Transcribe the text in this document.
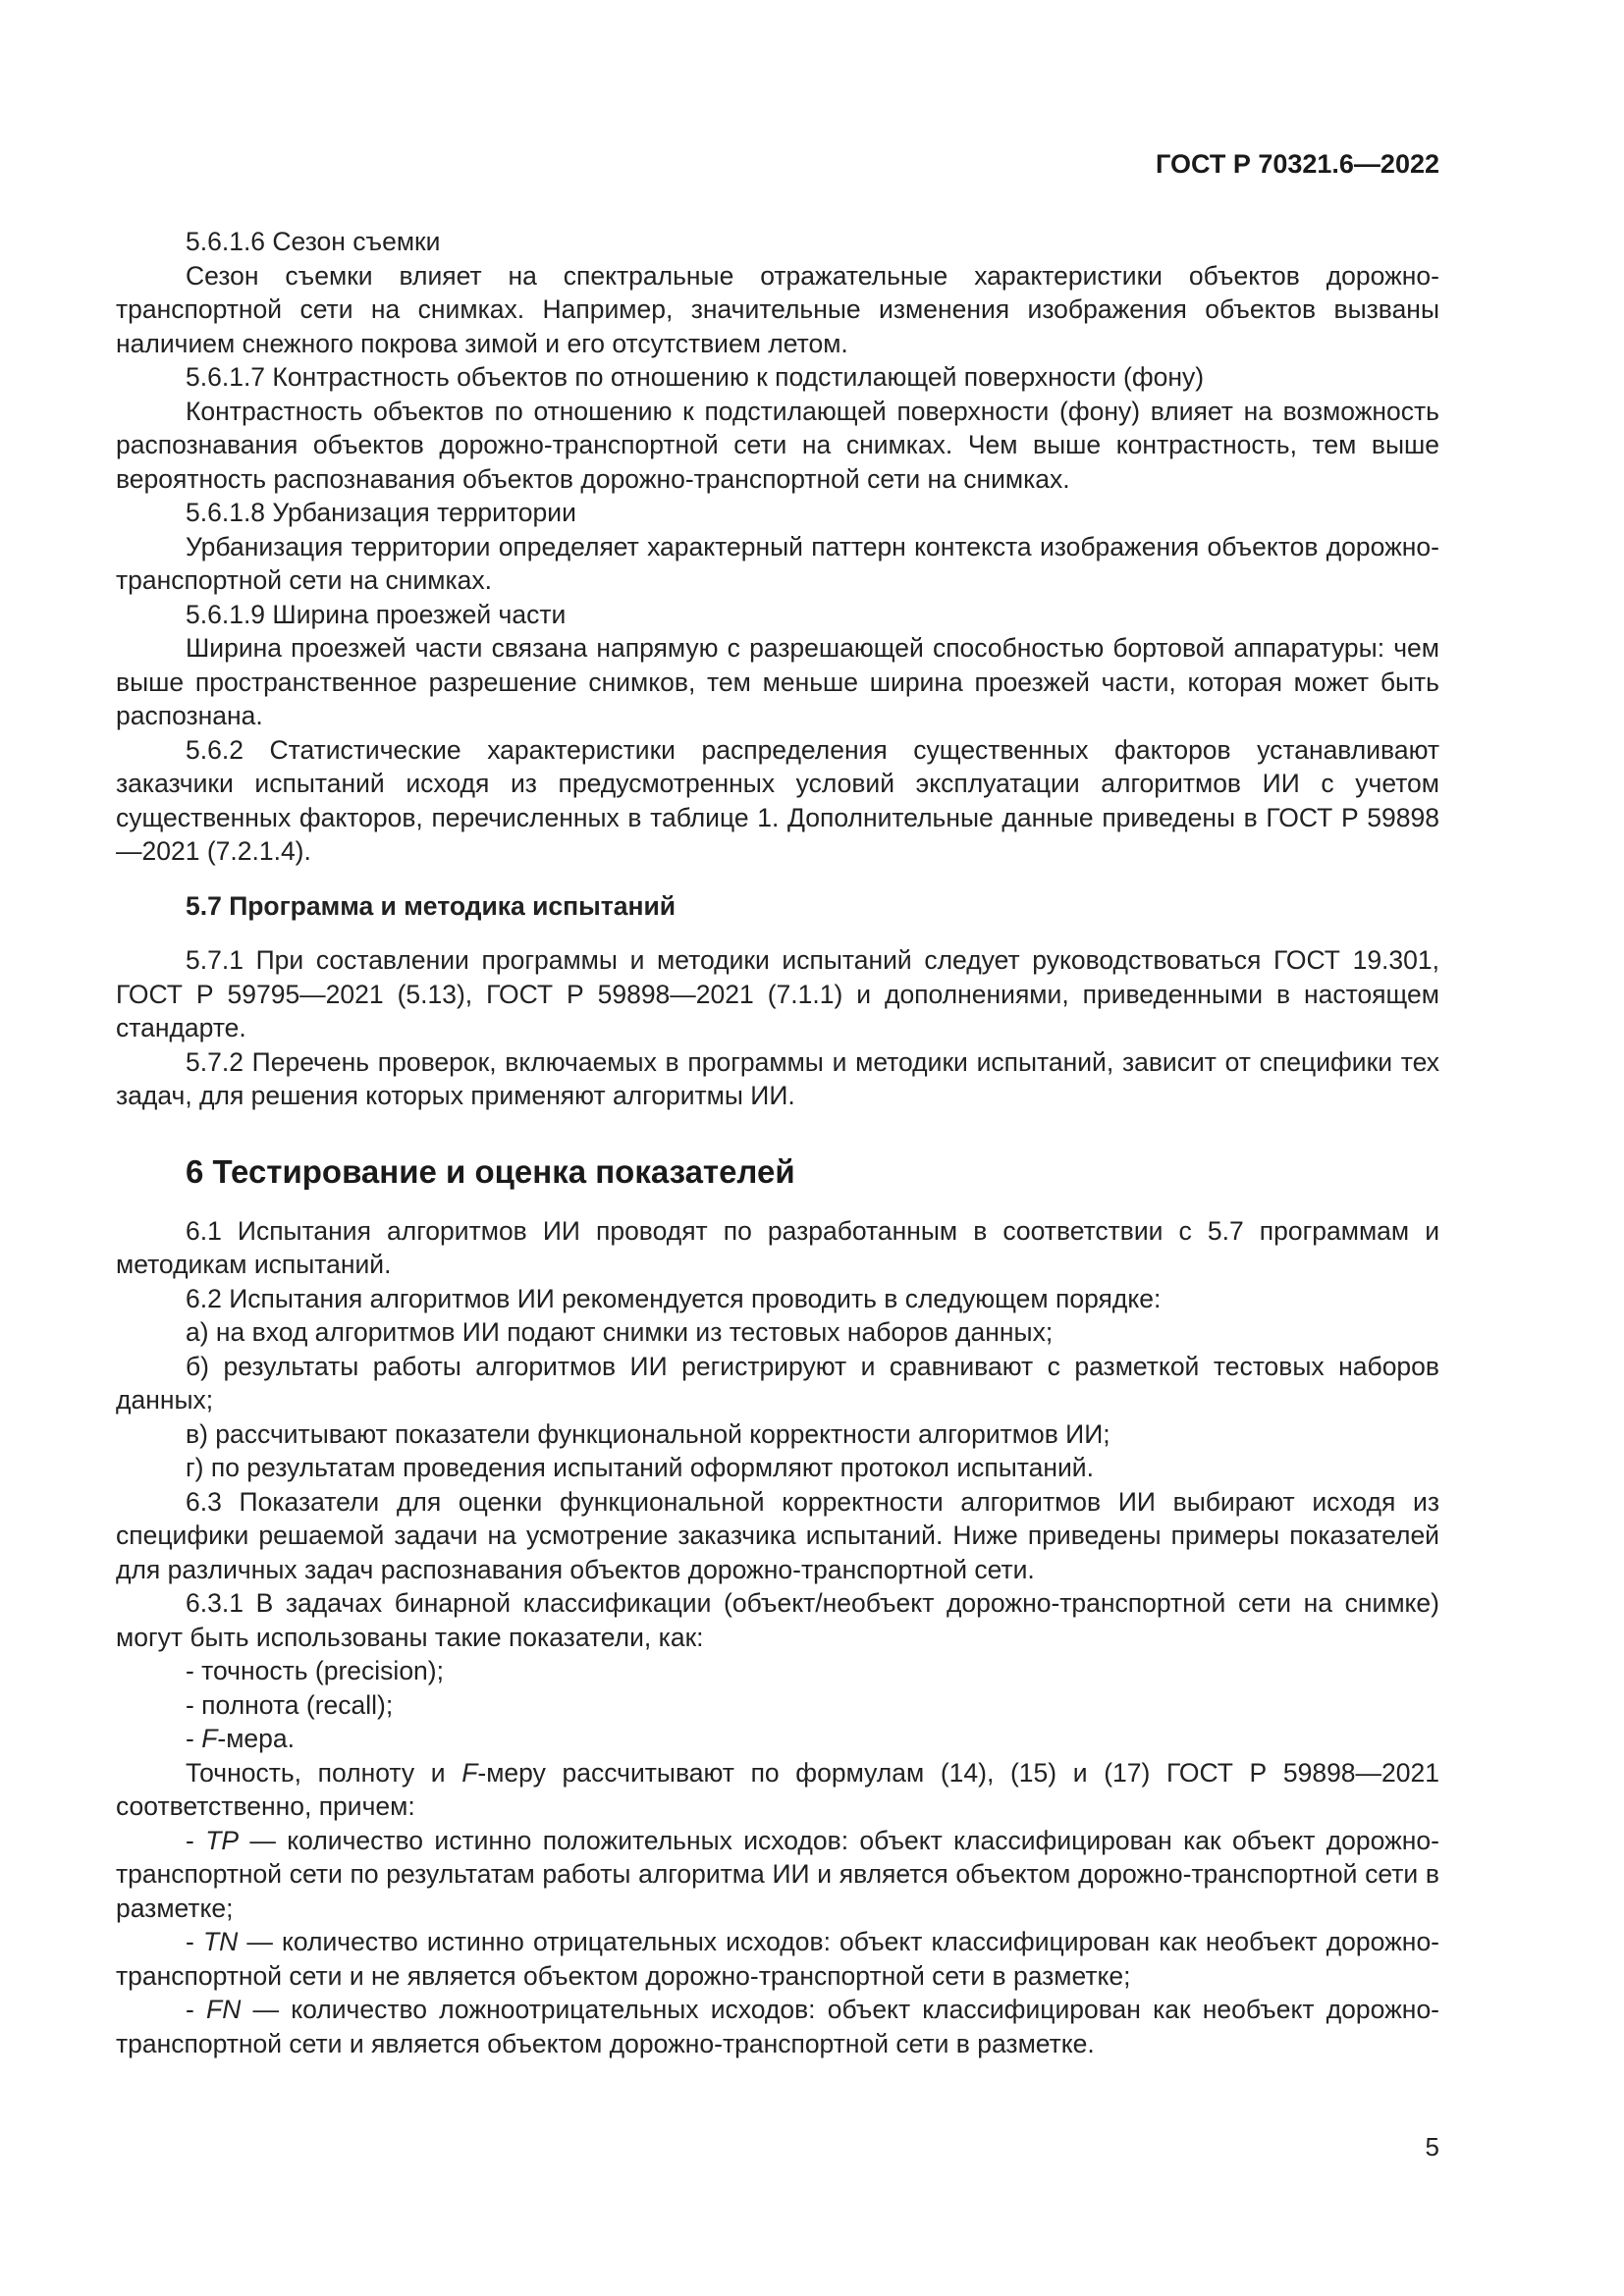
ГОСТ Р 70321.6—2022

5.6.1.6 Сезон съемки

Сезон съемки влияет на спектральные отражательные характеристики объектов дорожно-транспортной сети на снимках. Например, значительные изменения изображения объектов вызваны наличием снежного покрова зимой и его отсутствием летом.

5.6.1.7 Контрастность объектов по отношению к подстилающей поверхности (фону)

Контрастность объектов по отношению к подстилающей поверхности (фону) влияет на возможность распознавания объектов дорожно-транспортной сети на снимках. Чем выше контрастность, тем выше вероятность распознавания объектов дорожно-транспортной сети на снимках.

5.6.1.8 Урбанизация территории

Урбанизация территории определяет характерный паттерн контекста изображения объектов дорожно-транспортной сети на снимках.

5.6.1.9 Ширина проезжей части

Ширина проезжей части связана напрямую с разрешающей способностью бортовой аппаратуры: чем выше пространственное разрешение снимков, тем меньше ширина проезжей части, которая может быть распознана.

5.6.2 Статистические характеристики распределения существенных факторов устанавливают заказчики испытаний исходя из предусмотренных условий эксплуатации алгоритмов ИИ с учетом существенных факторов, перечисленных в таблице 1. Дополнительные данные приведены в ГОСТ Р 59898—2021 (7.2.1.4).

5.7 Программа и методика испытаний

5.7.1 При составлении программы и методики испытаний следует руководствоваться ГОСТ 19.301, ГОСТ Р 59795—2021 (5.13), ГОСТ Р 59898—2021 (7.1.1) и дополнениями, приведенными в настоящем стандарте.

5.7.2 Перечень проверок, включаемых в программы и методики испытаний, зависит от специфики тех задач, для решения которых применяют алгоритмы ИИ.

6 Тестирование и оценка показателей

6.1 Испытания алгоритмов ИИ проводят по разработанным в соответствии с 5.7 программам и методикам испытаний.

6.2 Испытания алгоритмов ИИ рекомендуется проводить в следующем порядке:

а) на вход алгоритмов ИИ подают снимки из тестовых наборов данных;

б) результаты работы алгоритмов ИИ регистрируют и сравнивают с разметкой тестовых наборов данных;

в) рассчитывают показатели функциональной корректности алгоритмов ИИ;

г) по результатам проведения испытаний оформляют протокол испытаний.

6.3 Показатели для оценки функциональной корректности алгоритмов ИИ выбирают исходя из специфики решаемой задачи на усмотрение заказчика испытаний. Ниже приведены примеры показателей для различных задач распознавания объектов дорожно-транспортной сети.

6.3.1 В задачах бинарной классификации (объект/необъект дорожно-транспортной сети на снимке) могут быть использованы такие показатели, как:

- точность (precision);

- полнота (recall);

- F-мера.

Точность, полноту и F-меру рассчитывают по формулам (14), (15) и (17) ГОСТ Р 59898—2021 соответственно, причем:

- TP — количество истинно положительных исходов: объект классифицирован как объект дорожно-транспортной сети по результатам работы алгоритма ИИ и является объектом дорожно-транспортной сети в разметке;

- TN — количество истинно отрицательных исходов: объект классифицирован как необъект дорожно-транспортной сети и не является объектом дорожно-транспортной сети в разметке;

- FN — количество ложноотрицательных исходов: объект классифицирован как необъект дорожно-транспортной сети и является объектом дорожно-транспортной сети в разметке.

5
